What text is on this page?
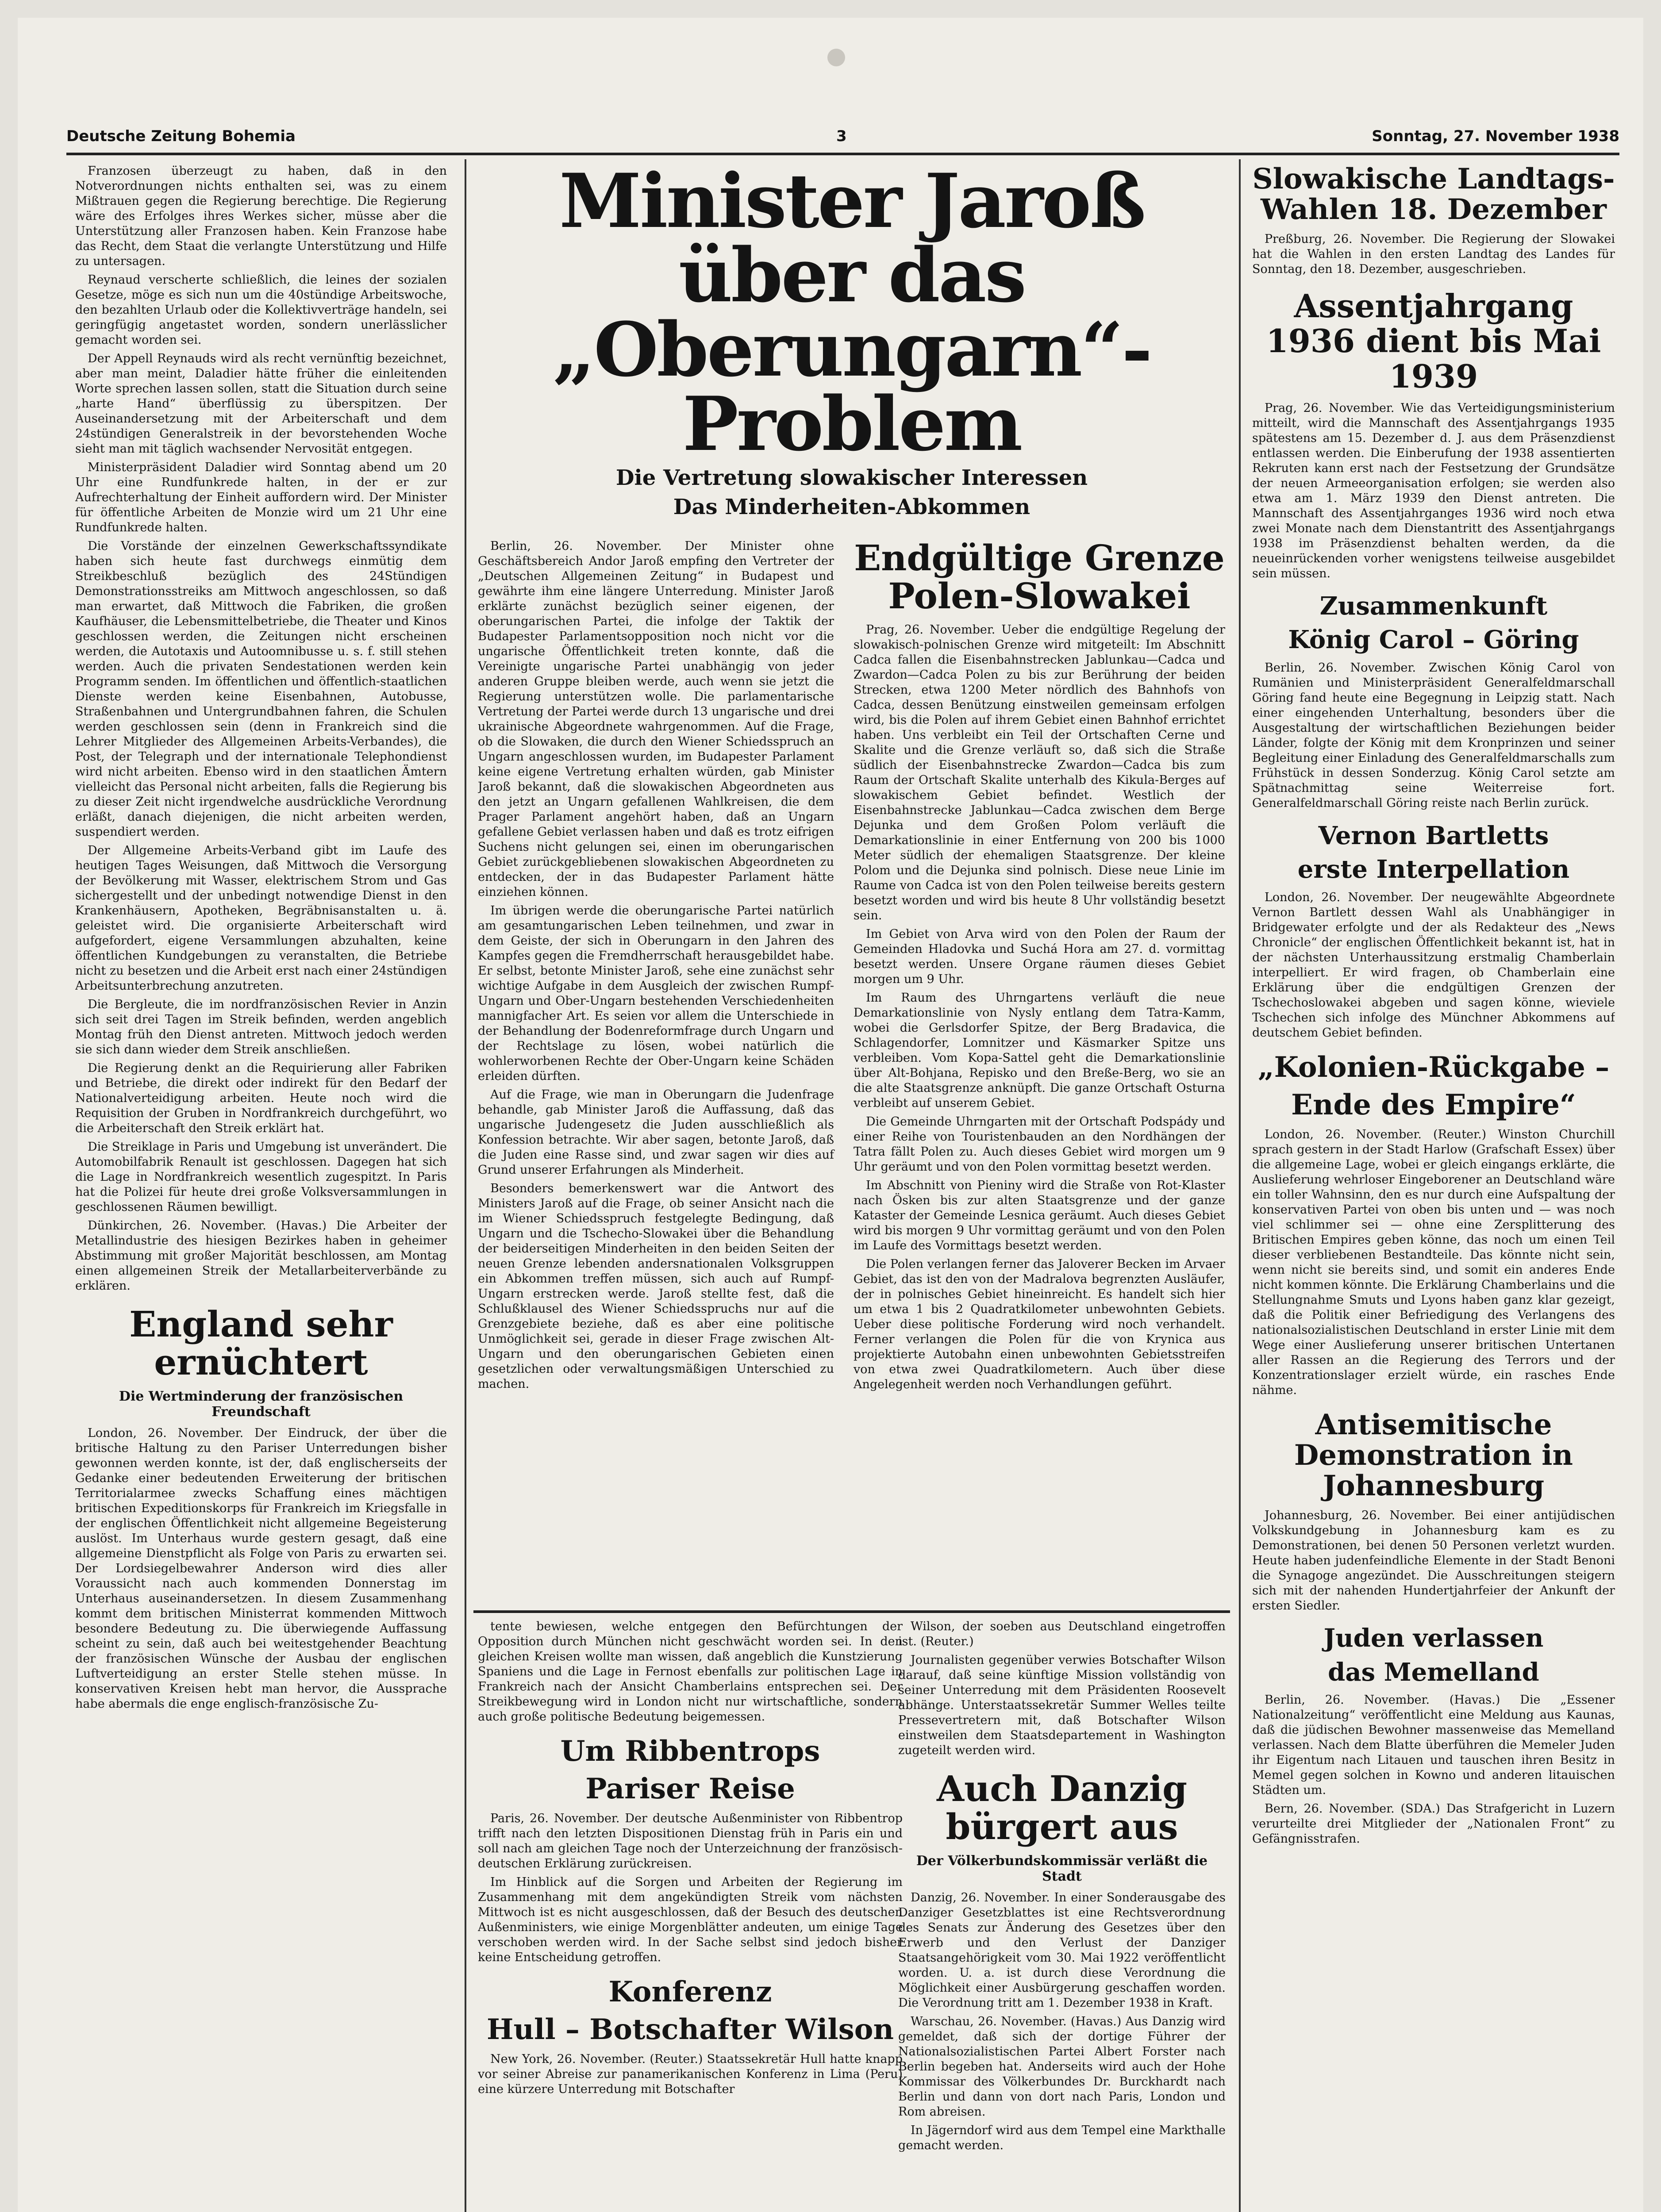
Deutsche Zeitung Bohemia	3	Sonntag, 27. November 1938

Franzosen überzeugt zu haben, daß in den Notverordnungen nichts enthalten sei, was zu einem Mißtrauen gegen die Regierung berechtige. Die Regierung wäre des Erfolges ihres Werkes sicher, müsse aber die Unterstützung aller Franzosen haben. Kein Franzose habe das Recht, dem Staat die verlangte Unterstützung und Hilfe zu untersagen.

Reynaud verscherte schließlich, die leines der sozialen Gesetze, möge es sich nun um die 40stündige Arbeitswoche, den bezahlten Urlaub oder die Kollektivverträge handeln, sei geringfügig angetastet worden, sondern unerlässlicher gemacht worden sei.

Der Appell Reynauds wird als recht vernünftig bezeichnet, aber man meint, Daladier hätte früher die einleitenden Worte sprechen lassen sollen, statt die Situation durch seine „harte Hand“ überflüssig zu überspitzen. Der Auseinandersetzung mit der Arbeiterschaft und dem 24stündigen Generalstreik in der bevorstehenden Woche sieht man mit täglich wachsender Nervosität entgegen.

Ministerpräsident Daladier wird Sonntag abend um 20 Uhr eine Rundfunkrede halten, in der er zur Aufrechterhaltung der Einheit auffordern wird. Der Minister für öffentliche Arbeiten de Monzie wird um 21 Uhr eine Rundfunkrede halten.

Die Vorstände der einzelnen Gewerkschaftssyndikate haben sich heute fast durchwegs einmütig dem Streikbeschluß bezüglich des 24Stündigen Demonstrationsstreiks am Mittwoch angeschlossen, so daß man erwartet, daß Mittwoch die Fabriken, die großen Kaufhäuser, die Lebensmittelbetriebe, die Theater und Kinos geschlossen werden, die Zeitungen nicht erscheinen werden, die Autotaxis und Autoomnibusse u. s. f. still stehen werden. Auch die privaten Sendestationen werden kein Programm senden. Im öffentlichen und öffentlich-staatlichen Dienste werden keine Eisenbahnen, Autobusse, Straßenbahnen und Untergrundbahnen fahren, die Schulen werden geschlossen sein (denn in Frankreich sind die Lehrer Mitglieder des Allgemeinen Arbeits-Verbandes), die Post, der Telegraph und der internationale Telephondienst wird nicht arbeiten. Ebenso wird in den staatlichen Ämtern vielleicht das Personal nicht arbeiten, falls die Regierung bis zu dieser Zeit nicht irgendwelche ausdrückliche Verordnung erläßt, danach diejenigen, die nicht arbeiten werden, suspendiert werden.

Der Allgemeine Arbeits-Verband gibt im Laufe des heutigen Tages Weisungen, daß Mittwoch die Versorgung der Bevölkerung mit Wasser, elektrischem Strom und Gas sichergestellt und der unbedingt notwendige Dienst in den Krankenhäusern, Apotheken, Begräbnisanstalten u. ä. geleistet wird. Die organisierte Arbeiterschaft wird aufgefordert, eigene Versammlungen abzuhalten, keine öffentlichen Kundgebungen zu veranstalten, die Betriebe nicht zu besetzen und die Arbeit erst nach einer 24stündigen Arbeitsunterbrechung anzutreten.

Die Bergleute, die im nordfranzösischen Revier in Anzin sich seit drei Tagen im Streik befinden, werden angeblich Montag früh den Dienst antreten. Mittwoch jedoch werden sie sich dann wieder dem Streik anschließen.

Die Regierung denkt an die Requirierung aller Fabriken und Betriebe, die direkt oder indirekt für den Bedarf der Nationalverteidigung arbeiten. Heute noch wird die Requisition der Gruben in Nordfrankreich durchgeführt, wo die Arbeiterschaft den Streik erklärt hat.

Die Streiklage in Paris und Umgebung ist unverändert. Die Automobilfabrik Renault ist geschlossen. Dagegen hat sich die Lage in Nordfrankreich wesentlich zugespitzt. In Paris hat die Polizei für heute drei große Volksversammlungen in geschlossenen Räumen bewilligt.

Dünkirchen, 26. November. (Havas.) Die Arbeiter der Metallindustrie des hiesigen Bezirkes haben in geheimer Abstimmung mit großer Majorität beschlossen, am Montag einen allgemeinen Streik der Metallarbeiterverbände zu erklären.

England sehr ernüchtert
Die Wertminderung der französischen Freundschaft

London, 26. November. Der Eindruck, der über die britische Haltung zu den Pariser Unterredungen bisher gewonnen werden konnte, ist der, daß englischerseits der Gedanke einer bedeutenden Erweiterung der britischen Territorialarmee zwecks Schaffung eines mächtigen britischen Expeditionskorps für Frankreich im Kriegsfalle in der englischen Öffentlichkeit nicht allgemeine Begeisterung auslöst. Im Unterhaus wurde gestern gesagt, daß eine allgemeine Dienstpflicht als Folge von Paris zu erwarten sei. Der Lordsiegelbewahrer Anderson wird dies aller Voraussicht nach auch kommenden Donnerstag im Unterhaus auseinandersetzen. In diesem Zusammenhang kommt dem britischen Ministerrat kommenden Mittwoch besondere Bedeutung zu. Die überwiegende Auffassung scheint zu sein, daß auch bei weitestgehender Beachtung der französischen Wünsche der Ausbau der englischen Luftverteidigung an erster Stelle stehen müsse. In konservativen Kreisen hebt man hervor, die Aussprache habe abermals die enge englisch-französische Zu-

Minister Jaroß über das
„Oberungarn“-Problem
Die Vertretung slowakischer Interessen
Das Minderheiten-Abkommen

Berlin, 26. November. Der Minister ohne Geschäftsbereich Andor Jaroß empfing den Vertreter der „Deutschen Allgemeinen Zeitung“ in Budapest und gewährte ihm eine längere Unterredung. Minister Jaroß erklärte zunächst bezüglich seiner eigenen, der oberungarischen Partei, die infolge der Taktik der Budapester Parlamentsopposition noch nicht vor die ungarische Öffentlichkeit treten konnte, daß die Vereinigte ungarische Partei unabhängig von jeder anderen Gruppe bleiben werde, auch wenn sie jetzt die Regierung unterstützen wolle. Die parlamentarische Vertretung der Partei werde durch 13 ungarische und drei ukrainische Abgeordnete wahrgenommen. Auf die Frage, ob die Slowaken, die durch den Wiener Schiedsspruch an Ungarn angeschlossen wurden, im Budapester Parlament keine eigene Vertretung erhalten würden, gab Minister Jaroß bekannt, daß die slowakischen Abgeordneten aus den jetzt an Ungarn gefallenen Wahlkreisen, die dem Prager Parlament angehört haben, daß an Ungarn gefallene Gebiet verlassen haben und daß es trotz eifrigen Suchens nicht gelungen sei, einen im oberungarischen Gebiet zurückgebliebenen slowakischen Abgeordneten zu entdecken, der in das Budapester Parlament hätte einziehen können.

Im übrigen werde die oberungarische Partei natürlich am gesamtungarischen Leben teilnehmen, und zwar in dem Geiste, der sich in Oberungarn in den Jahren des Kampfes gegen die Fremdherrschaft herausgebildet habe. Er selbst, betonte Minister Jaroß, sehe eine zunächst sehr wichtige Aufgabe in dem Ausgleich der zwischen Rumpf-Ungarn und Ober-Ungarn bestehenden Verschiedenheiten mannigfacher Art. Es seien vor allem die Unterschiede in der Behandlung der Bodenreformfrage durch Ungarn und der Rechtslage zu lösen, wobei natürlich die wohlerworbenen Rechte der Ober-Ungarn keine Schäden erleiden dürften.

Auf die Frage, wie man in Oberungarn die Judenfrage behandle, gab Minister Jaroß die Auffassung, daß das ungarische Judengesetz die Juden ausschließlich als Konfession betrachte. Wir aber sagen, betonte Jaroß, daß die Juden eine Rasse sind, und zwar sagen wir dies auf Grund unserer Erfahrungen als Minderheit.

Besonders bemerkenswert war die Antwort des Ministers Jaroß auf die Frage, ob seiner Ansicht nach die im Wiener Schiedsspruch festgelegte Bedingung, daß Ungarn und die Tschecho-Slowakei über die Behandlung der beiderseitigen Minderheiten in den beiden Seiten der neuen Grenze lebenden andersnationalen Volksgruppen ein Abkommen treffen müssen, sich auch auf Rumpf-Ungarn erstrecken werde. Jaroß stellte fest, daß die Schlußklausel des Wiener Schiedsspruchs nur auf die Grenzgebiete beziehe, daß es aber eine politische Unmöglichkeit sei, gerade in dieser Frage zwischen Alt-Ungarn und den oberungarischen Gebieten einen gesetzlichen oder verwaltungsmäßigen Unterschied zu machen.

Endgültige Grenze Polen-Slowakei

Prag, 26. November. Ueber die endgültige Regelung der slowakisch-polnischen Grenze wird mitgeteilt: Im Abschnitt Cadca fallen die Eisenbahnstrecken Jablunkau—Cadca und Zwardon—Cadca Polen zu bis zur Berührung der beiden Strecken, etwa 1200 Meter nördlich des Bahnhofs von Cadca, dessen Benützung einstweilen gemeinsam erfolgen wird, bis die Polen auf ihrem Gebiet einen Bahnhof errichtet haben. Uns verbleibt ein Teil der Ortschaften Cerne und Skalite und die Grenze verläuft so, daß sich die Straße südlich der Eisenbahnstrecke Zwardon—Cadca bis zum Raum der Ortschaft Skalite unterhalb des Kikula-Berges auf slowakischem Gebiet befindet. Westlich der Eisenbahnstrecke Jablunkau—Cadca zwischen dem Berge Dejunka und dem Großen Polom verläuft die Demarkationslinie in einer Entfernung von 200 bis 1000 Meter südlich der ehemaligen Staatsgrenze. Der kleine Polom und die Dejunka sind polnisch. Diese neue Linie im Raume von Cadca ist von den Polen teilweise bereits gestern besetzt worden und wird bis heute 8 Uhr vollständig besetzt sein.

Im Gebiet von Arva wird von den Polen der Raum der Gemeinden Hladovka und Suchá Hora am 27. d. vormittag besetzt werden. Unsere Organe räumen dieses Gebiet morgen um 9 Uhr.

Im Raum des Uhrngartens verläuft die neue Demarkationslinie von Nysly entlang dem Tatra-Kamm, wobei die Gerlsdorfer Spitze, der Berg Bradavica, die Schlagendorfer, Lomnitzer und Käsmarker Spitze uns verbleiben. Vom Kopa-Sattel geht die Demarkationslinie über Alt-Bohjana, Repisko und den Breße-Berg, wo sie an die alte Staatsgrenze anknüpft. Die ganze Ortschaft Osturna verbleibt auf unserem Gebiet.

Die Gemeinde Uhrngarten mit der Ortschaft Podspády und einer Reihe von Touristenbauden an den Nordhängen der Tatra fällt Polen zu. Auch dieses Gebiet wird morgen um 9 Uhr geräumt und von den Polen vormittag besetzt werden.

Im Abschnitt von Pieniny wird die Straße von Rot-Klaster nach Ösken bis zur alten Staatsgrenze und der ganze Kataster der Gemeinde Lesnica geräumt. Auch dieses Gebiet wird bis morgen 9 Uhr vormittag geräumt und von den Polen im Laufe des Vormittags besetzt werden.

Die Polen verlangen ferner das Jaloverer Becken im Arvaer Gebiet, das ist den von der Madralova begrenzten Ausläufer, der in polnisches Gebiet hineinreicht. Es handelt sich hier um etwa 1 bis 2 Quadratkilometer unbewohnten Gebiets. Ueber diese politische Forderung wird noch verhandelt. Ferner verlangen die Polen für die von Krynica aus projektierte Autobahn einen unbewohnten Gebietsstreifen von etwa zwei Quadratkilometern. Auch über diese Angelegenheit werden noch Verhandlungen geführt.

tente bewiesen, welche entgegen den Befürchtungen der Opposition durch München nicht geschwächt worden sei. In den gleichen Kreisen wollte man wissen, daß angeblich die Kunstzierung Spaniens und die Lage in Fernost ebenfalls zur politischen Lage in Frankreich nach der Ansicht Chamberlains entsprechen sei. Der Streikbewegung wird in London nicht nur wirtschaftliche, sondern auch große politische Bedeutung beigemessen.

Um Ribbentrops
Pariser Reise

Paris, 26. November. Der deutsche Außenminister von Ribbentrop trifft nach den letzten Dispositionen Dienstag früh in Paris ein und soll nach am gleichen Tage noch der Unterzeichnung der französisch-deutschen Erklärung zurückreisen.

Im Hinblick auf die Sorgen und Arbeiten der Regierung im Zusammenhang mit dem angekündigten Streik vom nächsten Mittwoch ist es nicht ausgeschlossen, daß der Besuch des deutschen Außenministers, wie einige Morgenblätter andeuten, um einige Tage verschoben werden wird. In der Sache selbst sind jedoch bisher keine Entscheidung getroffen.

Konferenz
Hull – Botschafter Wilson

New York, 26. November. (Reuter.) Staatssekretär Hull hatte knapp vor seiner Abreise zur panamerikanischen Konferenz in Lima (Peru) eine kürzere Unterredung mit Botschafter

Wilson, der soeben aus Deutschland eingetroffen ist. (Reuter.)

Journalisten gegenüber verwies Botschafter Wilson darauf, daß seine künftige Mission vollständig von seiner Unterredung mit dem Präsidenten Roosevelt abhänge. Unterstaatssekretär Summer Welles teilte Pressevertretern mit, daß Botschafter Wilson einstweilen dem Staatsdepartement in Washington zugeteilt werden wird.

Auch Danzig bürgert aus
Der Völkerbundskommissär verläßt die Stadt

Danzig, 26. November. In einer Sonderausgabe des Danziger Gesetzblattes ist eine Rechtsverordnung des Senats zur Änderung des Gesetzes über den Erwerb und den Verlust der Danziger Staatsangehörigkeit vom 30. Mai 1922 veröffentlicht worden. U. a. ist durch diese Verordnung die Möglichkeit einer Ausbürgerung geschaffen worden. Die Verordnung tritt am 1. Dezember 1938 in Kraft.

Warschau, 26. November. (Havas.) Aus Danzig wird gemeldet, daß sich der dortige Führer der Nationalsozialistischen Partei Albert Forster nach Berlin begeben hat. Anderseits wird auch der Hohe Kommissar des Völkerbundes Dr. Burckhardt nach Berlin und dann von dort nach Paris, London und Rom abreisen.

In Jägerndorf wird aus dem Tempel eine Markthalle gemacht werden.

Slowakische Landtags-Wahlen 18. Dezember

Preßburg, 26. November. Die Regierung der Slowakei hat die Wahlen in den ersten Landtag des Landes für Sonntag, den 18. Dezember, ausgeschrieben.

Assentjahrgang 1936 dient bis Mai 1939

Prag, 26. November. Wie das Verteidigungsministerium mitteilt, wird die Mannschaft des Assentjahrgangs 1935 spätestens am 15. Dezember d. J. aus dem Präsenzdienst entlassen werden. Die Einberufung der 1938 assentierten Rekruten kann erst nach der Festsetzung der Grundsätze der neuen Armeeorganisation erfolgen; sie werden also etwa am 1. März 1939 den Dienst antreten. Die Mannschaft des Assentjahrganges 1936 wird noch etwa zwei Monate nach dem Dienstantritt des Assentjahrgangs 1938 im Präsenzdienst behalten werden, da die neueinrückenden vorher wenigstens teilweise ausgebildet sein müssen.

Zusammenkunft
König Carol – Göring

Berlin, 26. November. Zwischen König Carol von Rumänien und Ministerpräsident Generalfeldmarschall Göring fand heute eine Begegnung in Leipzig statt. Nach einer eingehenden Unterhaltung, besonders über die Ausgestaltung der wirtschaftlichen Beziehungen beider Länder, folgte der König mit dem Kronprinzen und seiner Begleitung einer Einladung des Generalfeldmarschalls zum Frühstück in dessen Sonderzug. König Carol setzte am Spätnachmittag seine Weiterreise fort. Generalfeldmarschall Göring reiste nach Berlin zurück.

Vernon Bartletts
erste Interpellation

London, 26. November. Der neugewählte Abgeordnete Vernon Bartlett dessen Wahl als Unabhängiger in Bridgewater erfolgte und der als Redakteur des „News Chronicle“ der englischen Öffentlichkeit bekannt ist, hat in der nächsten Unterhaussitzung erstmalig Chamberlain interpelliert. Er wird fragen, ob Chamberlain eine Erklärung über die endgültigen Grenzen der Tschechoslowakei abgeben und sagen könne, wieviele Tschechen sich infolge des Münchner Abkommens auf deutschem Gebiet befinden.

„Kolonien-Rückgabe –
Ende des Empire“

London, 26. November. (Reuter.) Winston Churchill sprach gestern in der Stadt Harlow (Grafschaft Essex) über die allgemeine Lage, wobei er gleich eingangs erklärte, die Auslieferung wehrloser Eingeborener an Deutschland wäre ein toller Wahnsinn, den es nur durch eine Aufspaltung der konservativen Partei von oben bis unten und — was noch viel schlimmer sei — ohne eine Zersplitterung des Britischen Empires geben könne, das noch um einen Teil dieser verbliebenen Bestandteile. Das könnte nicht sein, wenn nicht sie bereits sind, und somit ein anderes Ende nicht kommen könnte. Die Erklärung Chamberlains und die Stellungnahme Smuts und Lyons haben ganz klar gezeigt, daß die Politik einer Befriedigung des Verlangens des nationalsozialistischen Deutschland in erster Linie mit dem Wege einer Auslieferung unserer britischen Untertanen aller Rassen an die Regierung des Terrors und der Konzentrationslager erzielt würde, ein rasches Ende nähme.

Antisemitische Demonstration in Johannesburg

Johannesburg, 26. November. Bei einer antijüdischen Volkskundgebung in Johannesburg kam es zu Demonstrationen, bei denen 50 Personen verletzt wurden. Heute haben judenfeindliche Elemente in der Stadt Benoni die Synagoge angezündet. Die Ausschreitungen steigern sich mit der nahenden Hundertjahrfeier der Ankunft der ersten Siedler.

Juden verlassen
das Memelland

Berlin, 26. November. (Havas.) Die „Essener Nationalzeitung“ veröffentlicht eine Meldung aus Kaunas, daß die jüdischen Bewohner massenweise das Memelland verlassen. Nach dem Blatte überführen die Memeler Juden ihr Eigentum nach Litauen und tauschen ihren Besitz in Memel gegen solchen in Kowno und anderen litauischen Städten um.

Bern, 26. November. (SDA.) Das Strafgericht in Luzern verurteilte drei Mitglieder der „Nationalen Front“ zu Gefängnisstrafen.
